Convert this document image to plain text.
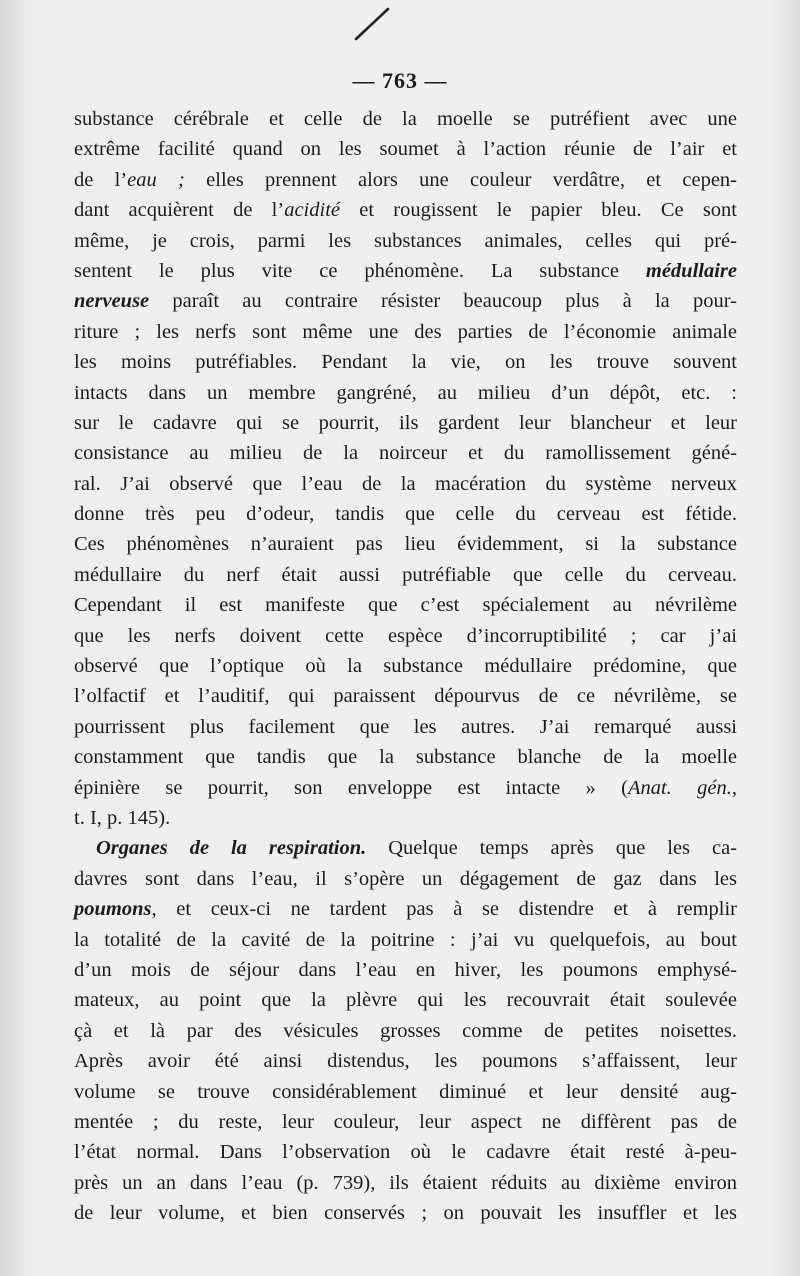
— 763 —
substance cérébrale et celle de la moelle se putréfient avec une
extrême facilité quand on les soumet à l’action réunie de l’air et
de l’eau ; elles prennent alors une couleur verdâtre, et cepen-
dant acquièrent de l’acidité et rougissent le papier bleu. Ce sont
même, je crois, parmi les substances animales, celles qui pré-
sentent le plus vite ce phénomène. La substance médullaire
nerveuse paraît au contraire résister beaucoup plus à la pour-
riture ; les nerfs sont même une des parties de l’économie animale
les moins putréfiables. Pendant la vie, on les trouve souvent
intacts dans un membre gangréné, au milieu d’un dépôt, etc. :
sur le cadavre qui se pourrit, ils gardent leur blancheur et leur
consistance au milieu de la noirceur et du ramollissement géné-
ral. J’ai observé que l’eau de la macération du système nerveux
donne très peu d’odeur, tandis que celle du cerveau est fétide.
Ces phénomènes n’auraient pas lieu évidemment, si la substance
médullaire du nerf était aussi putréfiable que celle du cerveau.
Cependant il est manifeste que c’est spécialement au névrilème
que les nerfs doivent cette espèce d’incorruptibilité ; car j’ai
observé que l’optique où la substance médullaire prédomine, que
l’olfactif et l’auditif, qui paraissent dépourvus de ce névrilème, se
pourrissent plus facilement que les autres. J’ai remarqué aussi
constamment que tandis que la substance blanche de la moelle
épinière se pourrit, son enveloppe est intacte » (Anat. gén.,
t. I, p. 145).
Organes de la respiration. Quelque temps après que les ca-
davres sont dans l’eau, il s’opère un dégagement de gaz dans les
poumons, et ceux-ci ne tardent pas à se distendre et à remplir
la totalité de la cavité de la poitrine : j’ai vu quelquefois, au bout
d’un mois de séjour dans l’eau en hiver, les poumons emphysé-
mateux, au point que la plèvre qui les recouvrait était soulevée
çà et là par des vésicules grosses comme de petites noisettes.
Après avoir été ainsi distendus, les poumons s’affaissent, leur
volume se trouve considérablement diminué et leur densité aug-
mentée ; du reste, leur couleur, leur aspect ne diffèrent pas de
l’état normal. Dans l’observation où le cadavre était resté à-peu-
près un an dans l’eau (p. 739), ils étaient réduits au dixième environ
de leur volume, et bien conservés ; on pouvait les insuffler et les
